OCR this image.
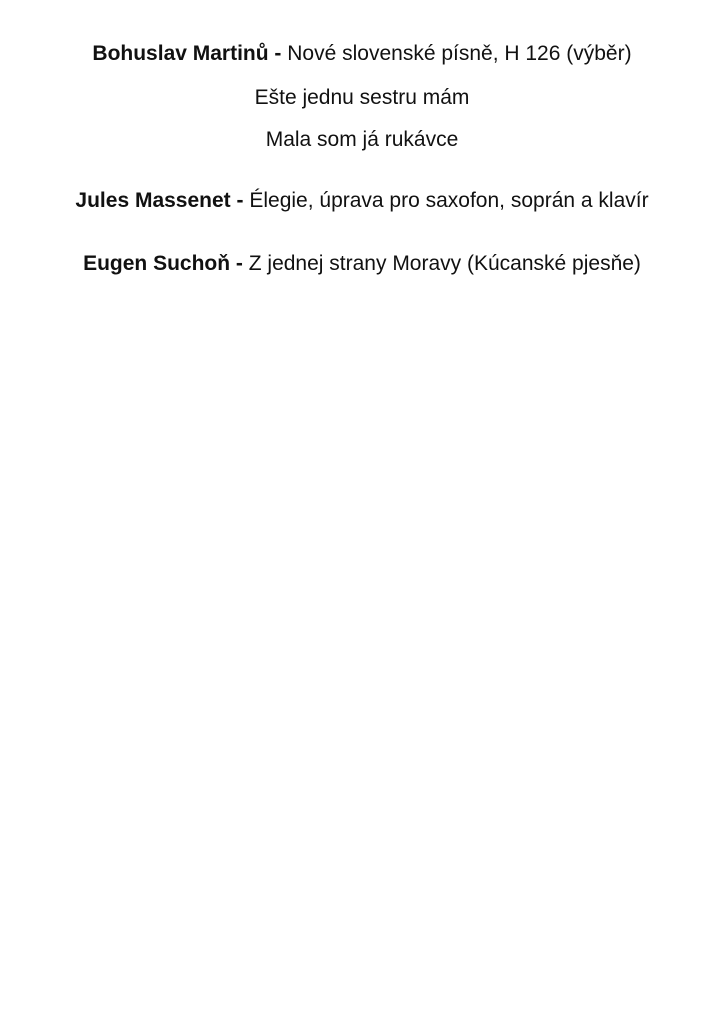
Bohuslav Martinů - Nové slovenské písně, H 126 (výběr)
Ešte jednu sestru mám
Mala som já rukávce
Jules Massenet - Élegie, úprava pro saxofon, soprán a klavír
Eugen Suchoň - Z jednej strany Moravy (Kúcanské pjesňe)
